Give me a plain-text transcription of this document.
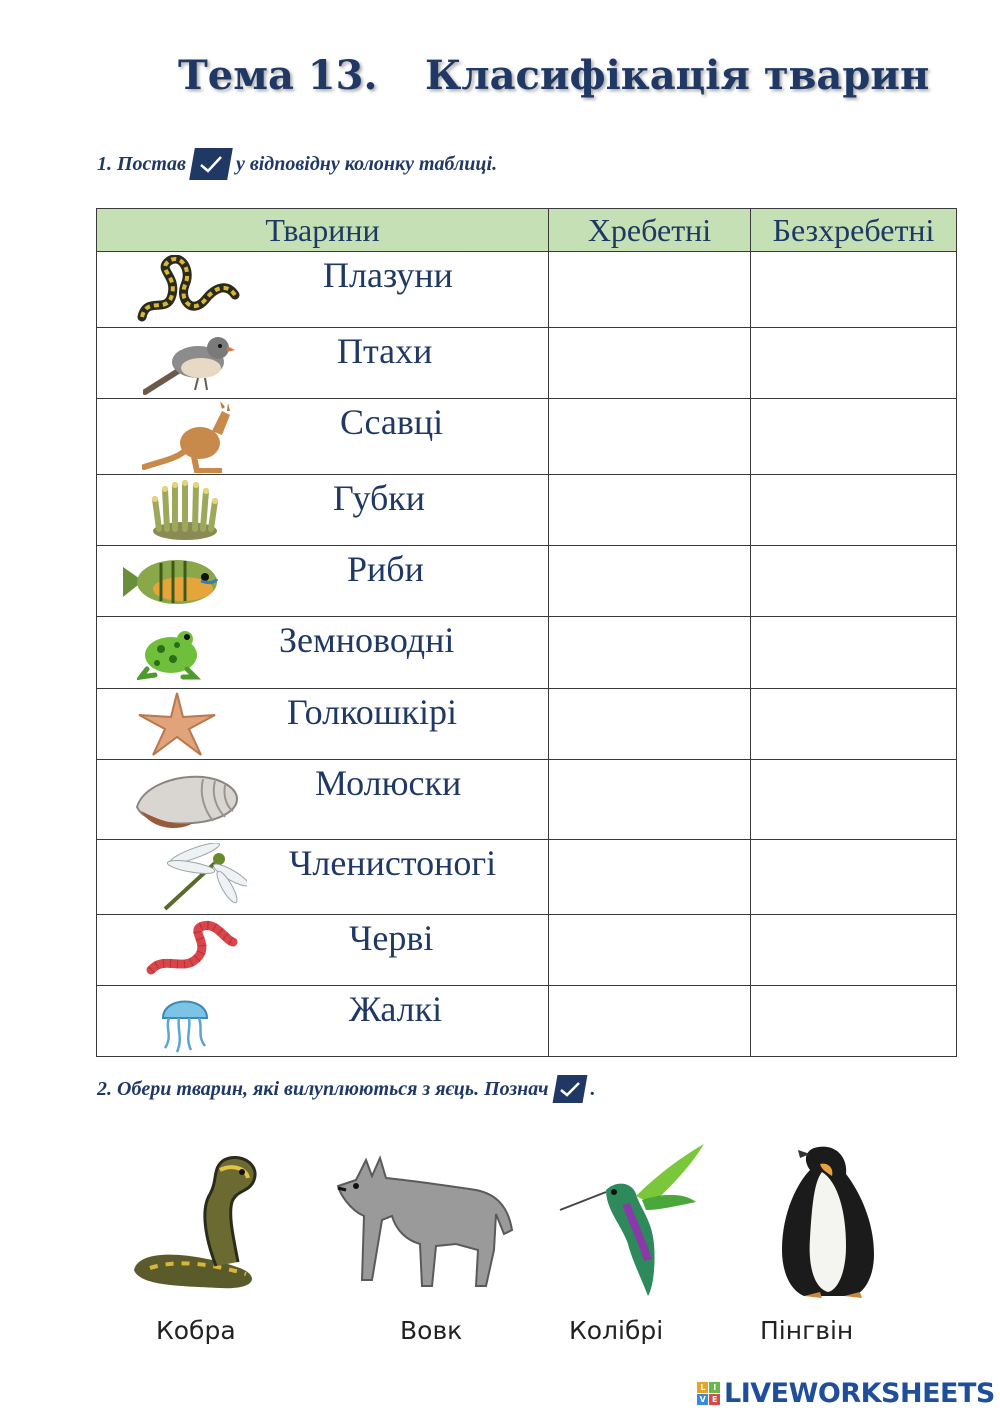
Тема 13. Класифікація тварин
1. Постав	у відповідну колонку таблиці.
Тварини	Хребетні	Безхребетні

Плазуни		

Птахи		

Ссавці		

Губки		

Риби		

Земноводні		

Голкошкірі		

Молюски		

Членистоногі		

Черві		

Жалкі		

2. Обери тварин, які вилуплюються з яєць. Познач .
Кобра	Вовк	Колібрі	Пінгвін
L	I
V E LIVEWORKSHEETS
